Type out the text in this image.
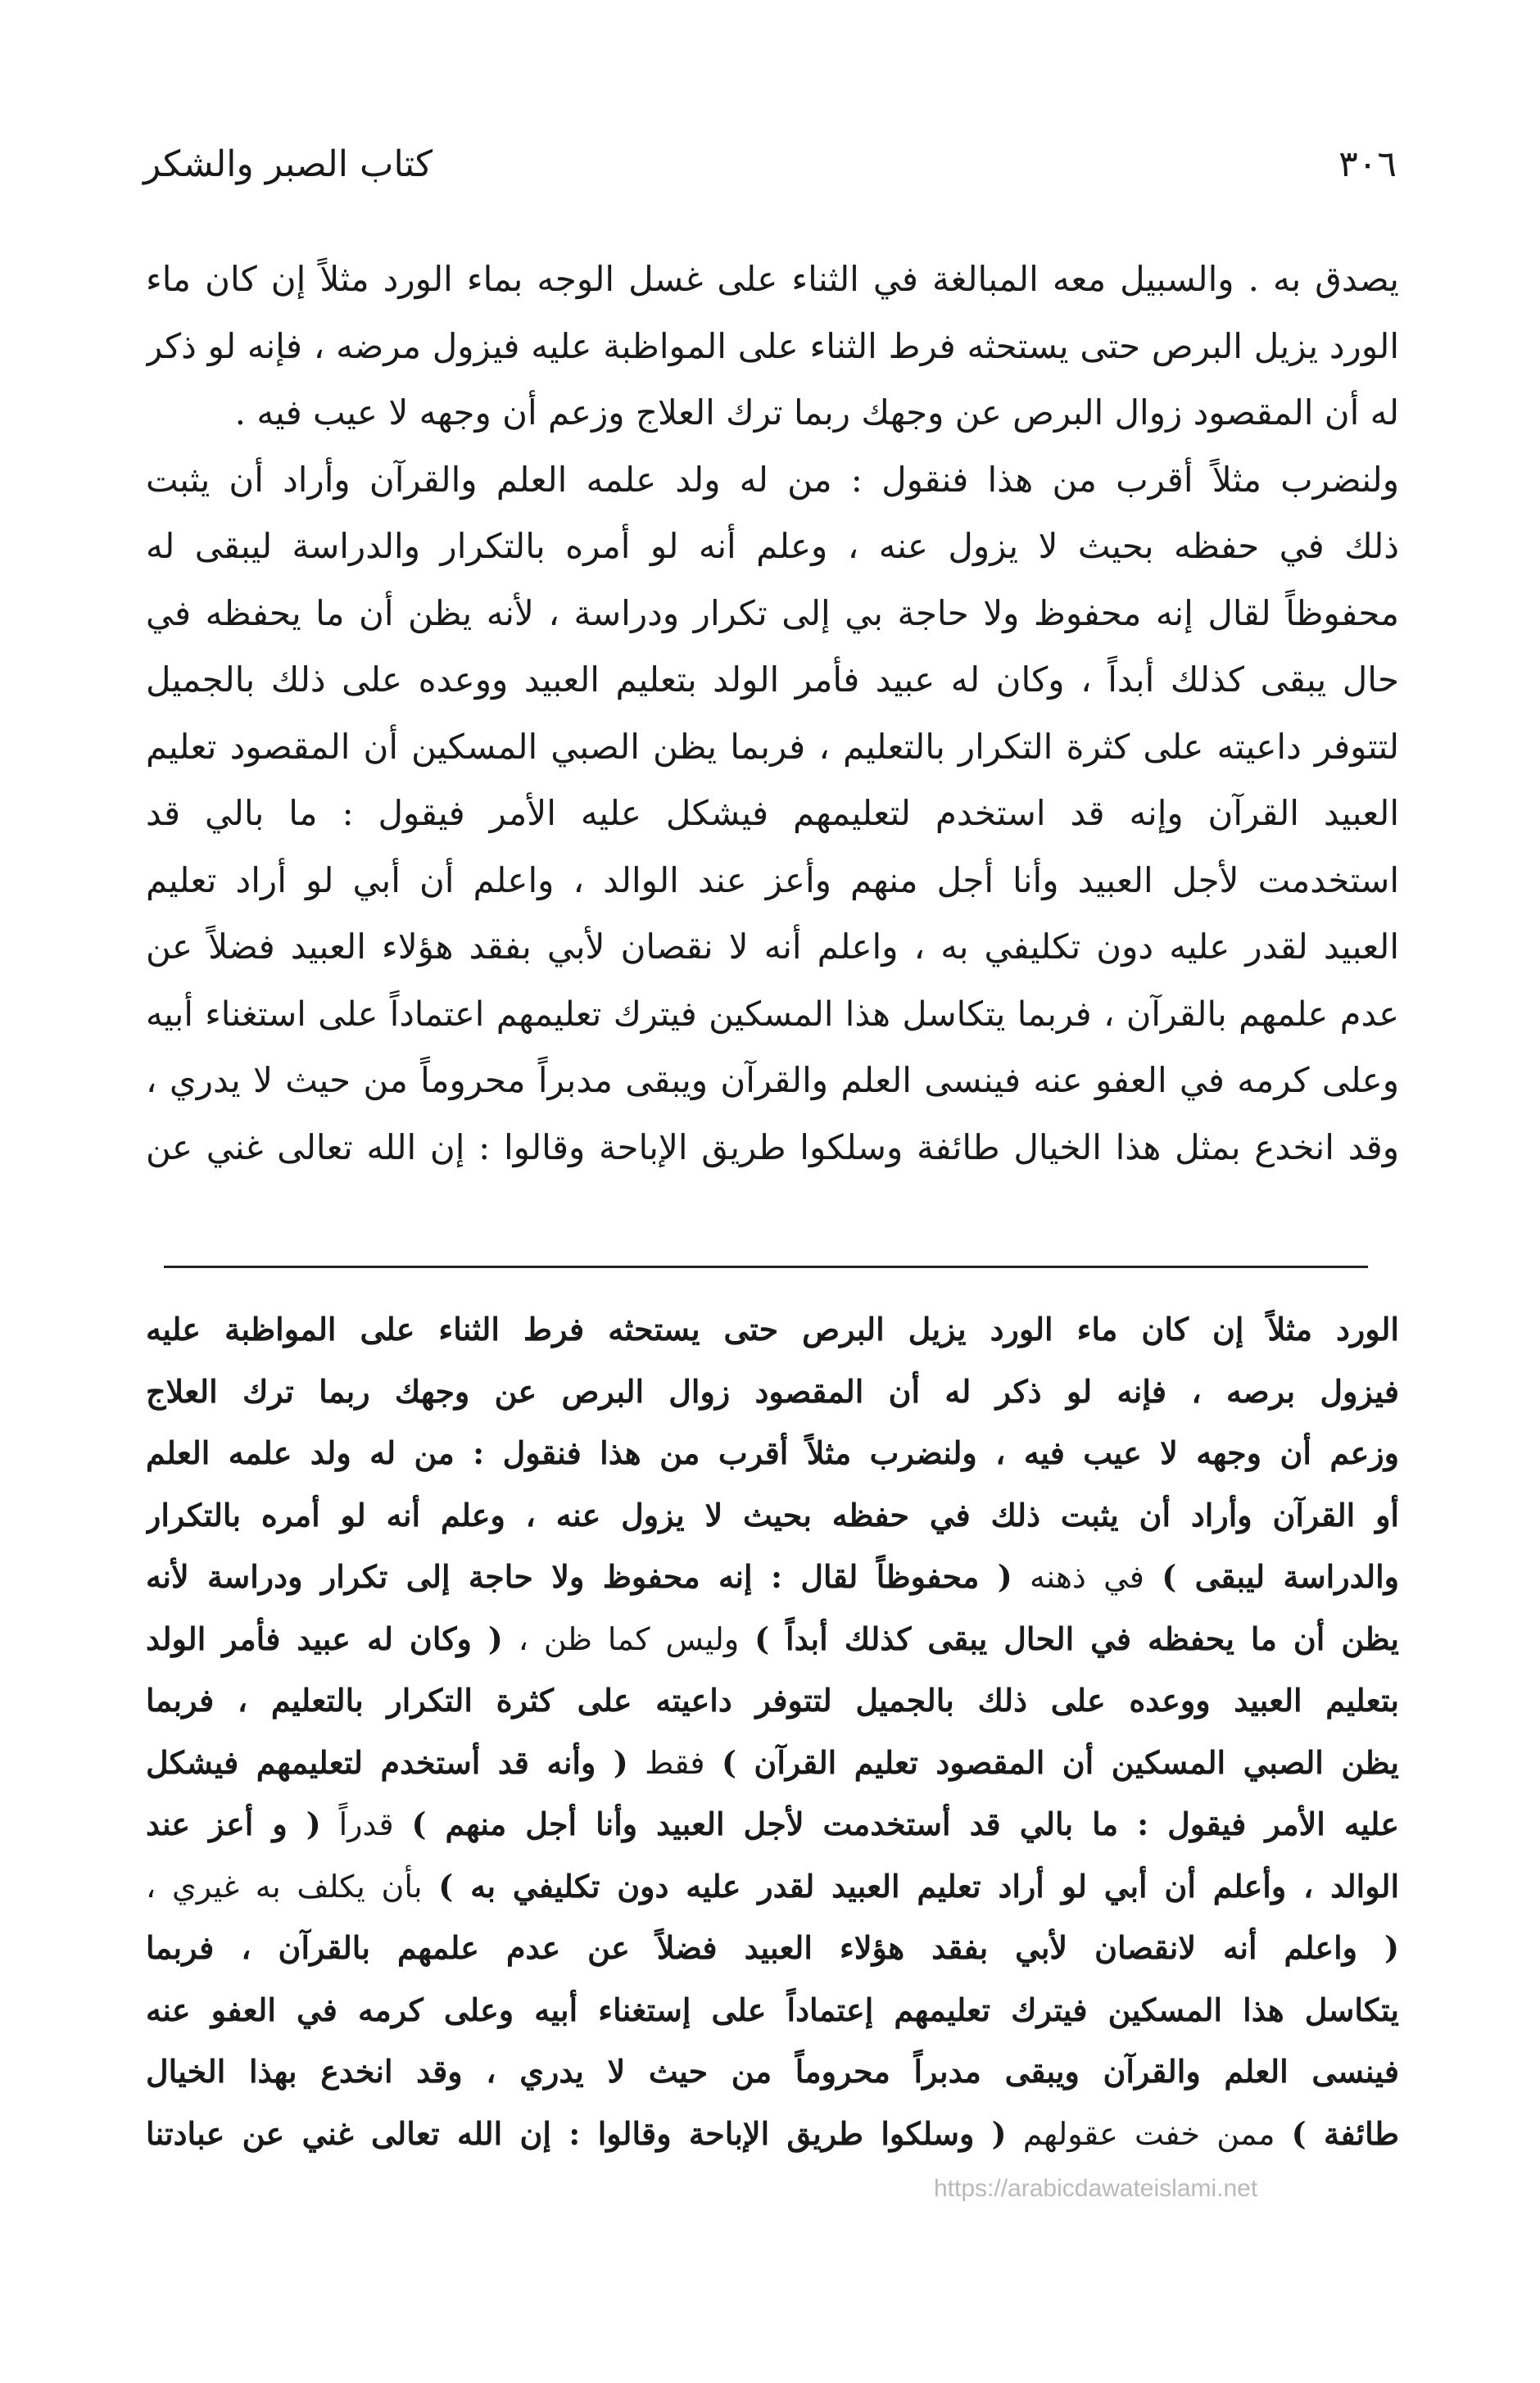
٣٠٦
كتاب الصبر والشكر
يصدق به . والسبيل معه المبالغة في الثناء على غسل الوجه بماء الورد مثلاً إن كان ماء
الورد يزيل البرص حتى يستحثه فرط الثناء على المواظبة عليه فيزول مرضه ، فإنه لو ذكر
له أن المقصود زوال البرص عن وجهك ربما ترك العلاج وزعم أن وجهه لا عيب فيه .
ولنضرب مثلاً أقرب من هذا فنقول : من له ولد علمه العلم والقرآن وأراد أن يثبت
ذلك في حفظه بحيث لا يزول عنه ، وعلم أنه لو أمره بالتكرار والدراسة ليبقى له
محفوظاً لقال إنه محفوظ ولا حاجة بي إلى تكرار ودراسة ، لأنه يظن أن ما يحفظه في
حال يبقى كذلك أبداً ، وكان له عبيد فأمر الولد بتعليم العبيد ووعده على ذلك بالجميل
لتتوفر داعيته على كثرة التكرار بالتعليم ، فربما يظن الصبي المسكين أن المقصود تعليم
العبيد القرآن وإنه قد استخدم لتعليمهم فيشكل عليه الأمر فيقول : ما بالي قد
استخدمت لأجل العبيد وأنا أجل منهم وأعز عند الوالد ، واعلم أن أبي لو أراد تعليم
العبيد لقدر عليه دون تكليفي به ، واعلم أنه لا نقصان لأبي بفقد هؤلاء العبيد فضلاً عن
عدم علمهم بالقرآن ، فربما يتكاسل هذا المسكين فيترك تعليمهم اعتماداً على استغناء أبيه
وعلى كرمه في العفو عنه فينسى العلم والقرآن ويبقى مدبراً محروماً من حيث لا يدري ،
وقد انخدع بمثل هذا الخيال طائفة وسلكوا طريق الإباحة وقالوا : إن الله تعالى غني عن
الورد مثلاً إن كان ماء الورد يزيل البرص حتى يستحثه فرط الثناء على المواظبة عليه
فيزول برصه ، فإنه لو ذكر له أن المقصود زوال البرص عن وجهك ربما ترك العلاج
وزعم أن وجهه لا عيب فيه ، ولنضرب مثلاً أقرب من هذا فنقول : من له ولد علمه العلم
أو القرآن وأراد أن يثبت ذلك في حفظه بحيث لا يزول عنه ، وعلم أنه لو أمره بالتكرار
والدراسة ليبقى ) في ذهنه ( محفوظاً لقال : إنه محفوظ ولا حاجة إلى تكرار ودراسة لأنه
يظن أن ما يحفظه في الحال يبقى كذلك أبداً ) وليس كما ظن ، ( وكان له عبيد فأمر الولد
بتعليم العبيد ووعده على ذلك بالجميل لتتوفر داعيته على كثرة التكرار بالتعليم ، فربما
يظن الصبي المسكين أن المقصود تعليم القرآن ) فقط ( وأنه قد أستخدم لتعليمهم فيشكل
عليه الأمر فيقول : ما بالي قد أستخدمت لأجل العبيد وأنا أجل منهم ) قدراً ( و أعز عند
الوالد ، وأعلم أن أبي لو أراد تعليم العبيد لقدر عليه دون تكليفي به ) بأن يكلف به غيري ،
( واعلم أنه لانقصان لأبي بفقد هؤلاء العبيد فضلاً عن عدم علمهم بالقرآن ، فربما
يتكاسل هذا المسكين فيترك تعليمهم إعتماداً على إستغناء أبيه وعلى كرمه في العفو عنه
فينسى العلم والقرآن ويبقى مدبراً محروماً من حيث لا يدري ، وقد انخدع بهذا الخيال
طائفة ) ممن خفت عقولهم ( وسلكوا طريق الإباحة وقالوا : إن الله تعالى غني عن عبادتنا
https://arabicdawateislami.net
